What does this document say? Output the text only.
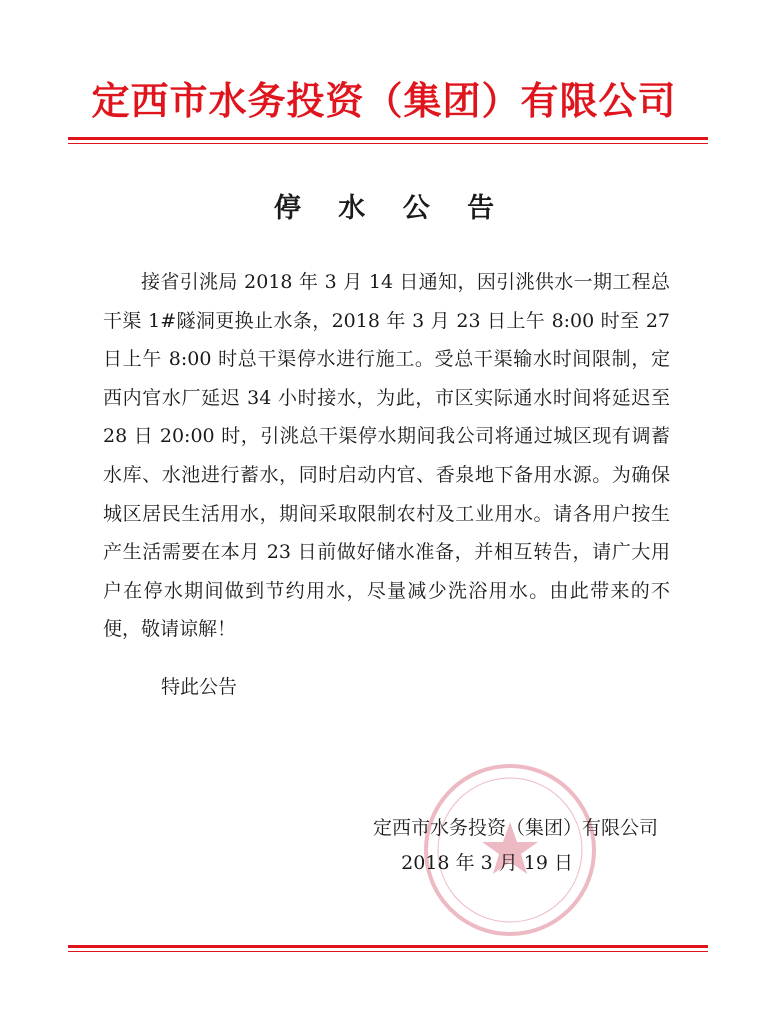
定西市水务投资（集团）有限公司
停 水 公 告

接省引洮局 2018 年 3 月 14 日通知，因引洮供水一期工程总干渠 1#隧洞更换止水条，2018 年 3 月 23 日上午 8:00 时至 27 日上午 8:00 时总干渠停水进行施工。受总干渠输水时间限制，定西内官水厂延迟 34 小时接水，为此，市区实际通水时间将延迟至 28 日 20:00 时，引洮总干渠停水期间我公司将通过城区现有调蓄水库、水池进行蓄水，同时启动内官、香泉地下备用水源。为确保城区居民生活用水，期间采取限制农村及工业用水。请各用户按生产生活需要在本月 23 日前做好储水准备，并相互转告，请广大用户在停水期间做到节约用水，尽量减少洗浴用水。由此带来的不便，敬请谅解！

特此公告
定西市水务投资（集团）有限公司
2018 年 3 月 19 日
